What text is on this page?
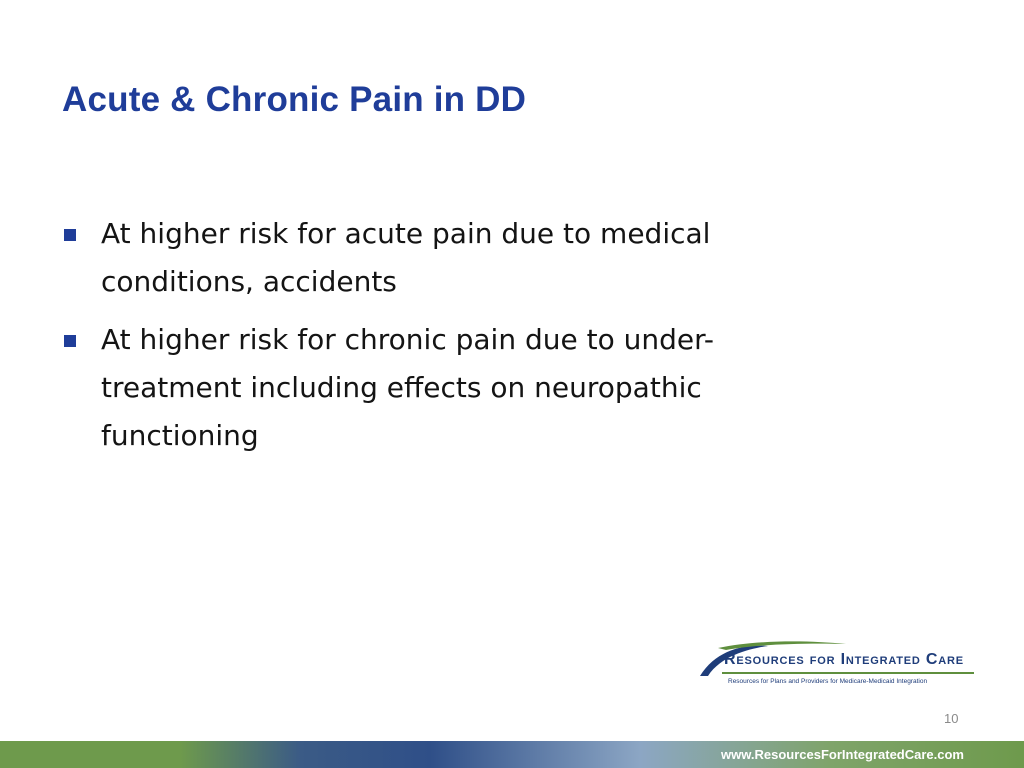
Acute & Chronic Pain in DD
At higher risk for acute pain due to medical conditions, accidents
At higher risk for chronic pain due to under-treatment including effects on neuropathic functioning
Resources for Integrated Care
Resources for Plans and Providers for Medicare-Medicaid Integration
10
www.ResourcesForIntegratedCare.com
